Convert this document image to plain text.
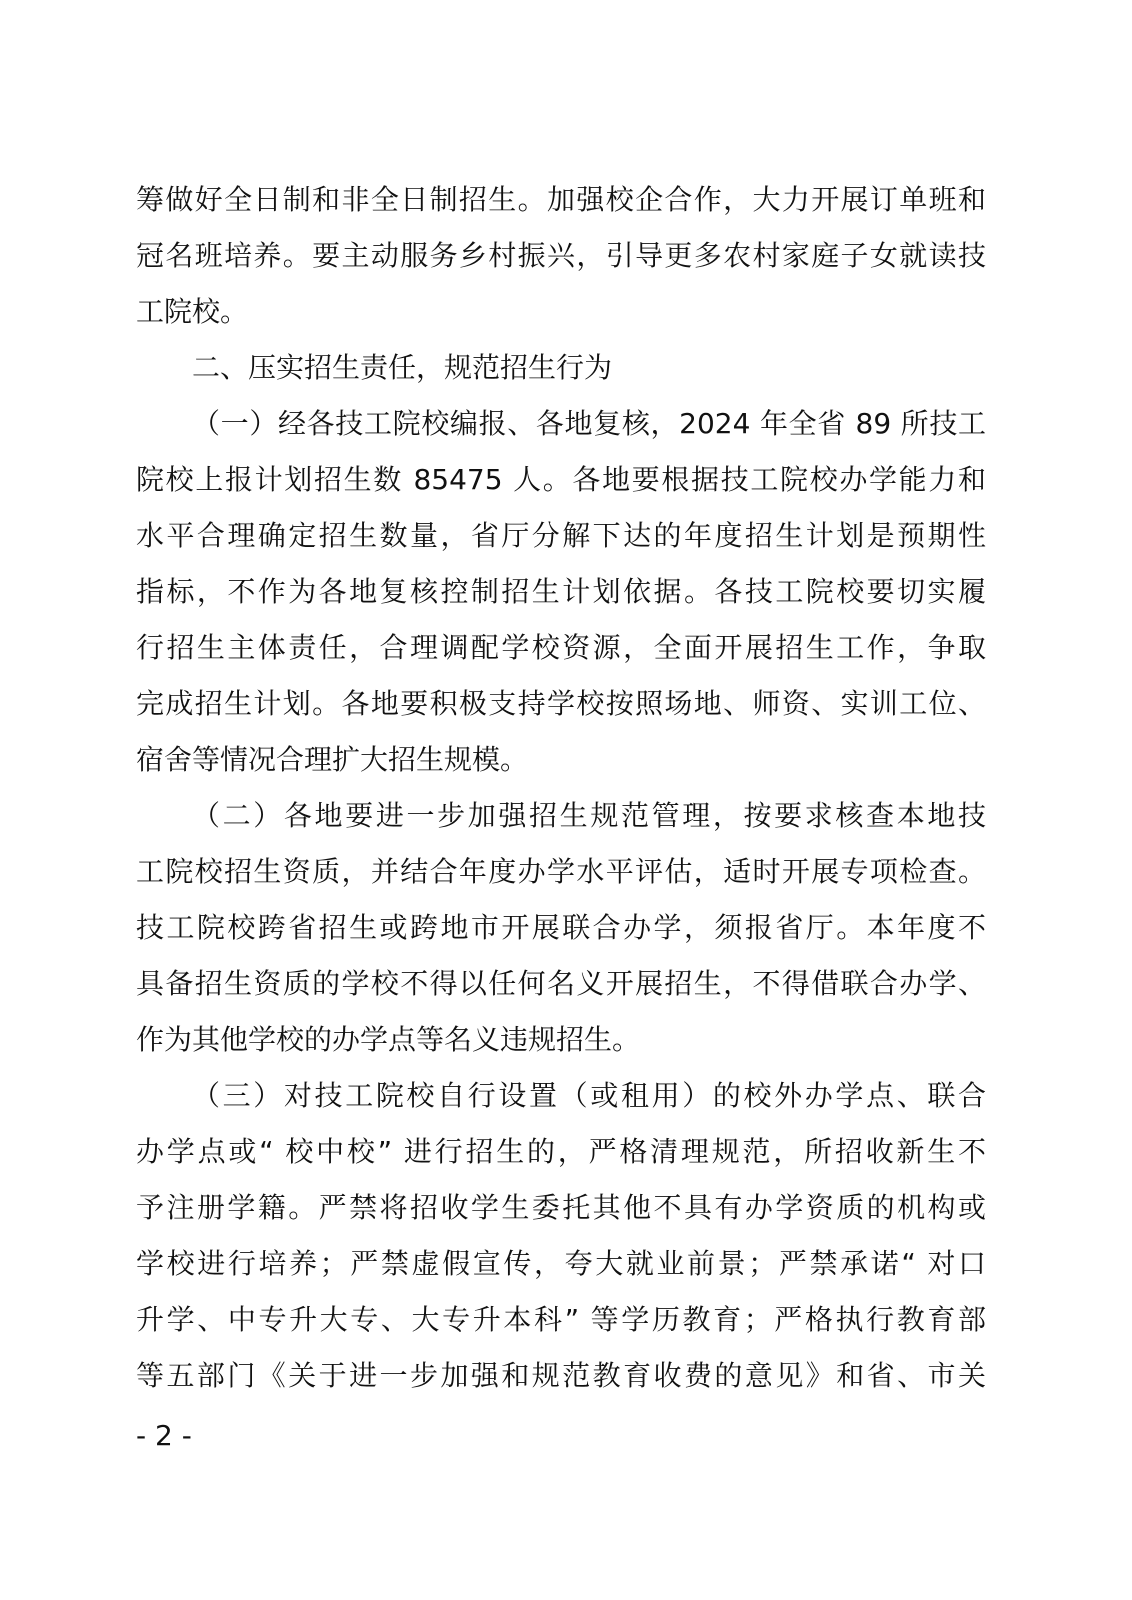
筹做好全日制和非全日制招生。加强校企合作，大力开展订单班和
冠名班培养。要主动服务乡村振兴，引导更多农村家庭子女就读技
工院校。
二、压实招生责任，规范招生行为
（一）经各技工院校编报、各地复核，2024 年全省 89 所技工
院校上报计划招生数 85475 人。各地要根据技工院校办学能力和
水平合理确定招生数量，省厅分解下达的年度招生计划是预期性
指标，不作为各地复核控制招生计划依据。各技工院校要切实履
行招生主体责任，合理调配学校资源，全面开展招生工作，争取
完成招生计划。各地要积极支持学校按照场地、师资、实训工位、
宿舍等情况合理扩大招生规模。
（二）各地要进一步加强招生规范管理，按要求核查本地技
工院校招生资质，并结合年度办学水平评估，适时开展专项检查。
技工院校跨省招生或跨地市开展联合办学，须报省厅。本年度不
具备招生资质的学校不得以任何名义开展招生，不得借联合办学、
作为其他学校的办学点等名义违规招生。
（三）对技工院校自行设置（或租用）的校外办学点、联合
办学点或“ 校中校” 进行招生的，严格清理规范，所招收新生不
予注册学籍。严禁将招收学生委托其他不具有办学资质的机构或
学校进行培养；严禁虚假宣传，夸大就业前景；严禁承诺“ 对口
升学、中专升大专、大专升本科” 等学历教育；严格执行教育部
等五部门《关于进一步加强和规范教育收费的意见》和省、市关
- 2 -
